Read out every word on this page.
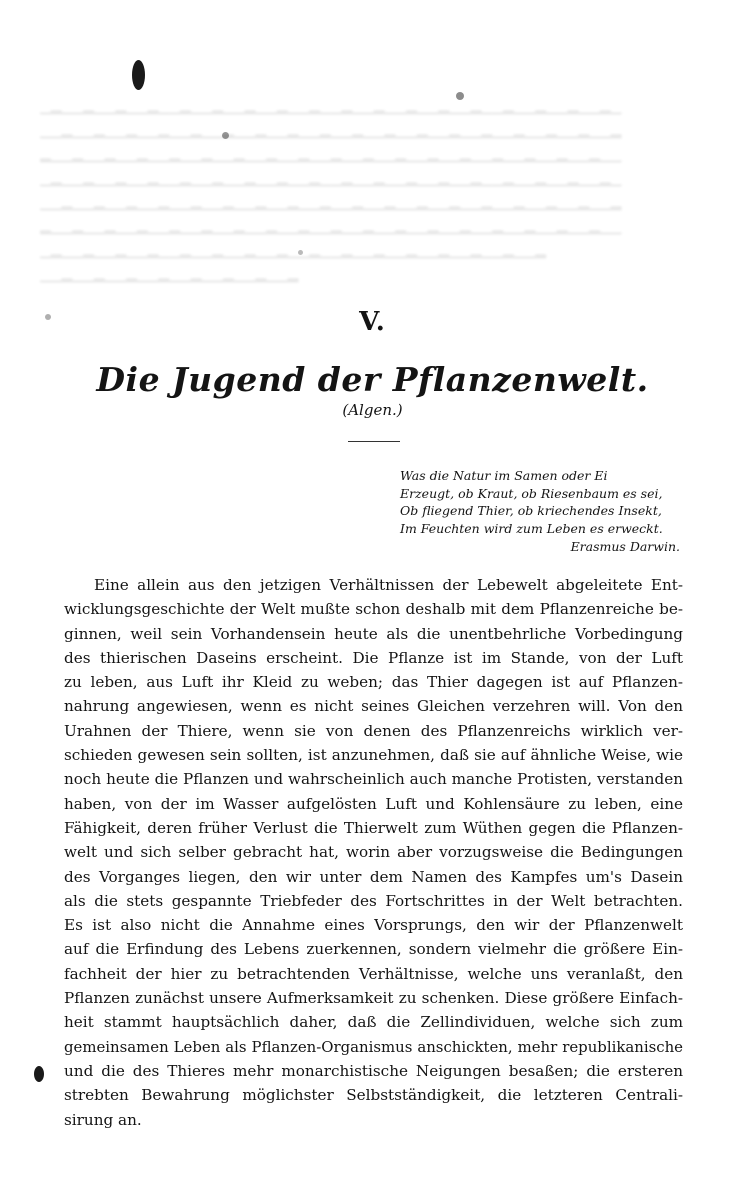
▁▂▁▁▂▁▁▂▁▁▂▁▁▂▁▁▂▁▁▂▁▁▂▁▁▂▁▁▂▁▁▂▁▁▂▁▁▂▁▁▂▁▁▂▁▁▂▁▁▂▁▁▂▁
▁▁▂▁▁▂▁▁▂▁▁▂▁▁▂▁▁▂▁▁▂▁▁▂▁▁▂▁▁▂▁▁▂▁▁▂▁▁▂▁▁▂▁▁▂▁▁▂▁▁▂▁▁▂
▂▁▁▂▁▁▂▁▁▂▁▁▂▁▁▂▁▁▂▁▁▂▁▁▂▁▁▂▁▁▂▁▁▂▁▁▂▁▁▂▁▁▂▁▁▂▁▁▂▁▁▂▁▁
▁▂▁▁▂▁▁▂▁▁▂▁▁▂▁▁▂▁▁▂▁▁▂▁▁▂▁▁▂▁▁▂▁▁▂▁▁▂▁▁▂▁▁▂▁▁▂▁▁▂▁▁▂▁
▁▁▂▁▁▂▁▁▂▁▁▂▁▁▂▁▁▂▁▁▂▁▁▂▁▁▂▁▁▂▁▁▂▁▁▂▁▁▂▁▁▂▁▁▂▁▁▂▁▁▂▁▁▂
▂▁▁▂▁▁▂▁▁▂▁▁▂▁▁▂▁▁▂▁▁▂▁▁▂▁▁▂▁▁▂▁▁▂▁▁▂▁▁▂▁▁▂▁▁▂▁▁▂▁▁▂▁▁
▁▂▁▁▂▁▁▂▁▁▂▁▁▂▁▁▂▁▁▂▁▁▂▁▁▂▁▁▂▁▁▂▁▁▂▁▁▂▁▁▂▁▁▂▁▁▂
▁▁▂▁▁▂▁▁▂▁▁▂▁▁▂▁▁▂▁▁▂▁▁▂
V.
Die Jugend der Pflanzenwelt.
(Algen.)
Was die Natur im Samen oder Ei
Erzeugt, ob Kraut, ob Riesenbaum es sei,
Ob fliegend Thier, ob kriechendes Insekt,
Im Feuchten wird zum Leben es erweckt.
Erasmus Darwin.
Eine allein aus den jetzigen Verhältnissen der Lebewelt abgeleitete Ent-
wicklungsgeschichte der Welt mußte schon deshalb mit dem Pflanzenreiche be-
ginnen, weil sein Vorhandensein heute als die unentbehrliche Vorbedingung
des thierischen Daseins erscheint. Die Pflanze ist im Stande, von der Luft
zu leben, aus Luft ihr Kleid zu weben; das Thier dagegen ist auf Pflanzen-
nahrung angewiesen, wenn es nicht seines Gleichen verzehren will. Von den
Urahnen der Thiere, wenn sie von denen des Pflanzenreichs wirklich ver-
schieden gewesen sein sollten, ist anzunehmen, daß sie auf ähnliche Weise, wie
noch heute die Pflanzen und wahrscheinlich auch manche Protisten, verstanden
haben, von der im Wasser aufgelösten Luft und Kohlensäure zu leben, eine
Fähigkeit, deren früher Verlust die Thierwelt zum Wüthen gegen die Pflanzen-
welt und sich selber gebracht hat, worin aber vorzugsweise die Bedingungen
des Vorganges liegen, den wir unter dem Namen des Kampfes um's Dasein
als die stets gespannte Triebfeder des Fortschrittes in der Welt betrachten.
Es ist also nicht die Annahme eines Vorsprungs, den wir der Pflanzenwelt
auf die Erfindung des Lebens zuerkennen, sondern vielmehr die größere Ein-
fachheit der hier zu betrachtenden Verhältnisse, welche uns veranlaßt, den
Pflanzen zunächst unsere Aufmerksamkeit zu schenken. Diese größere Einfach-
heit stammt hauptsächlich daher, daß die Zellindividuen, welche sich zum
gemeinsamen Leben als Pflanzen-Organismus anschickten, mehr republikanische
und die des Thieres mehr monarchistische Neigungen besaßen; die ersteren
strebten Bewahrung möglichster Selbstständigkeit, die letzteren Centrali-
sirung an.
